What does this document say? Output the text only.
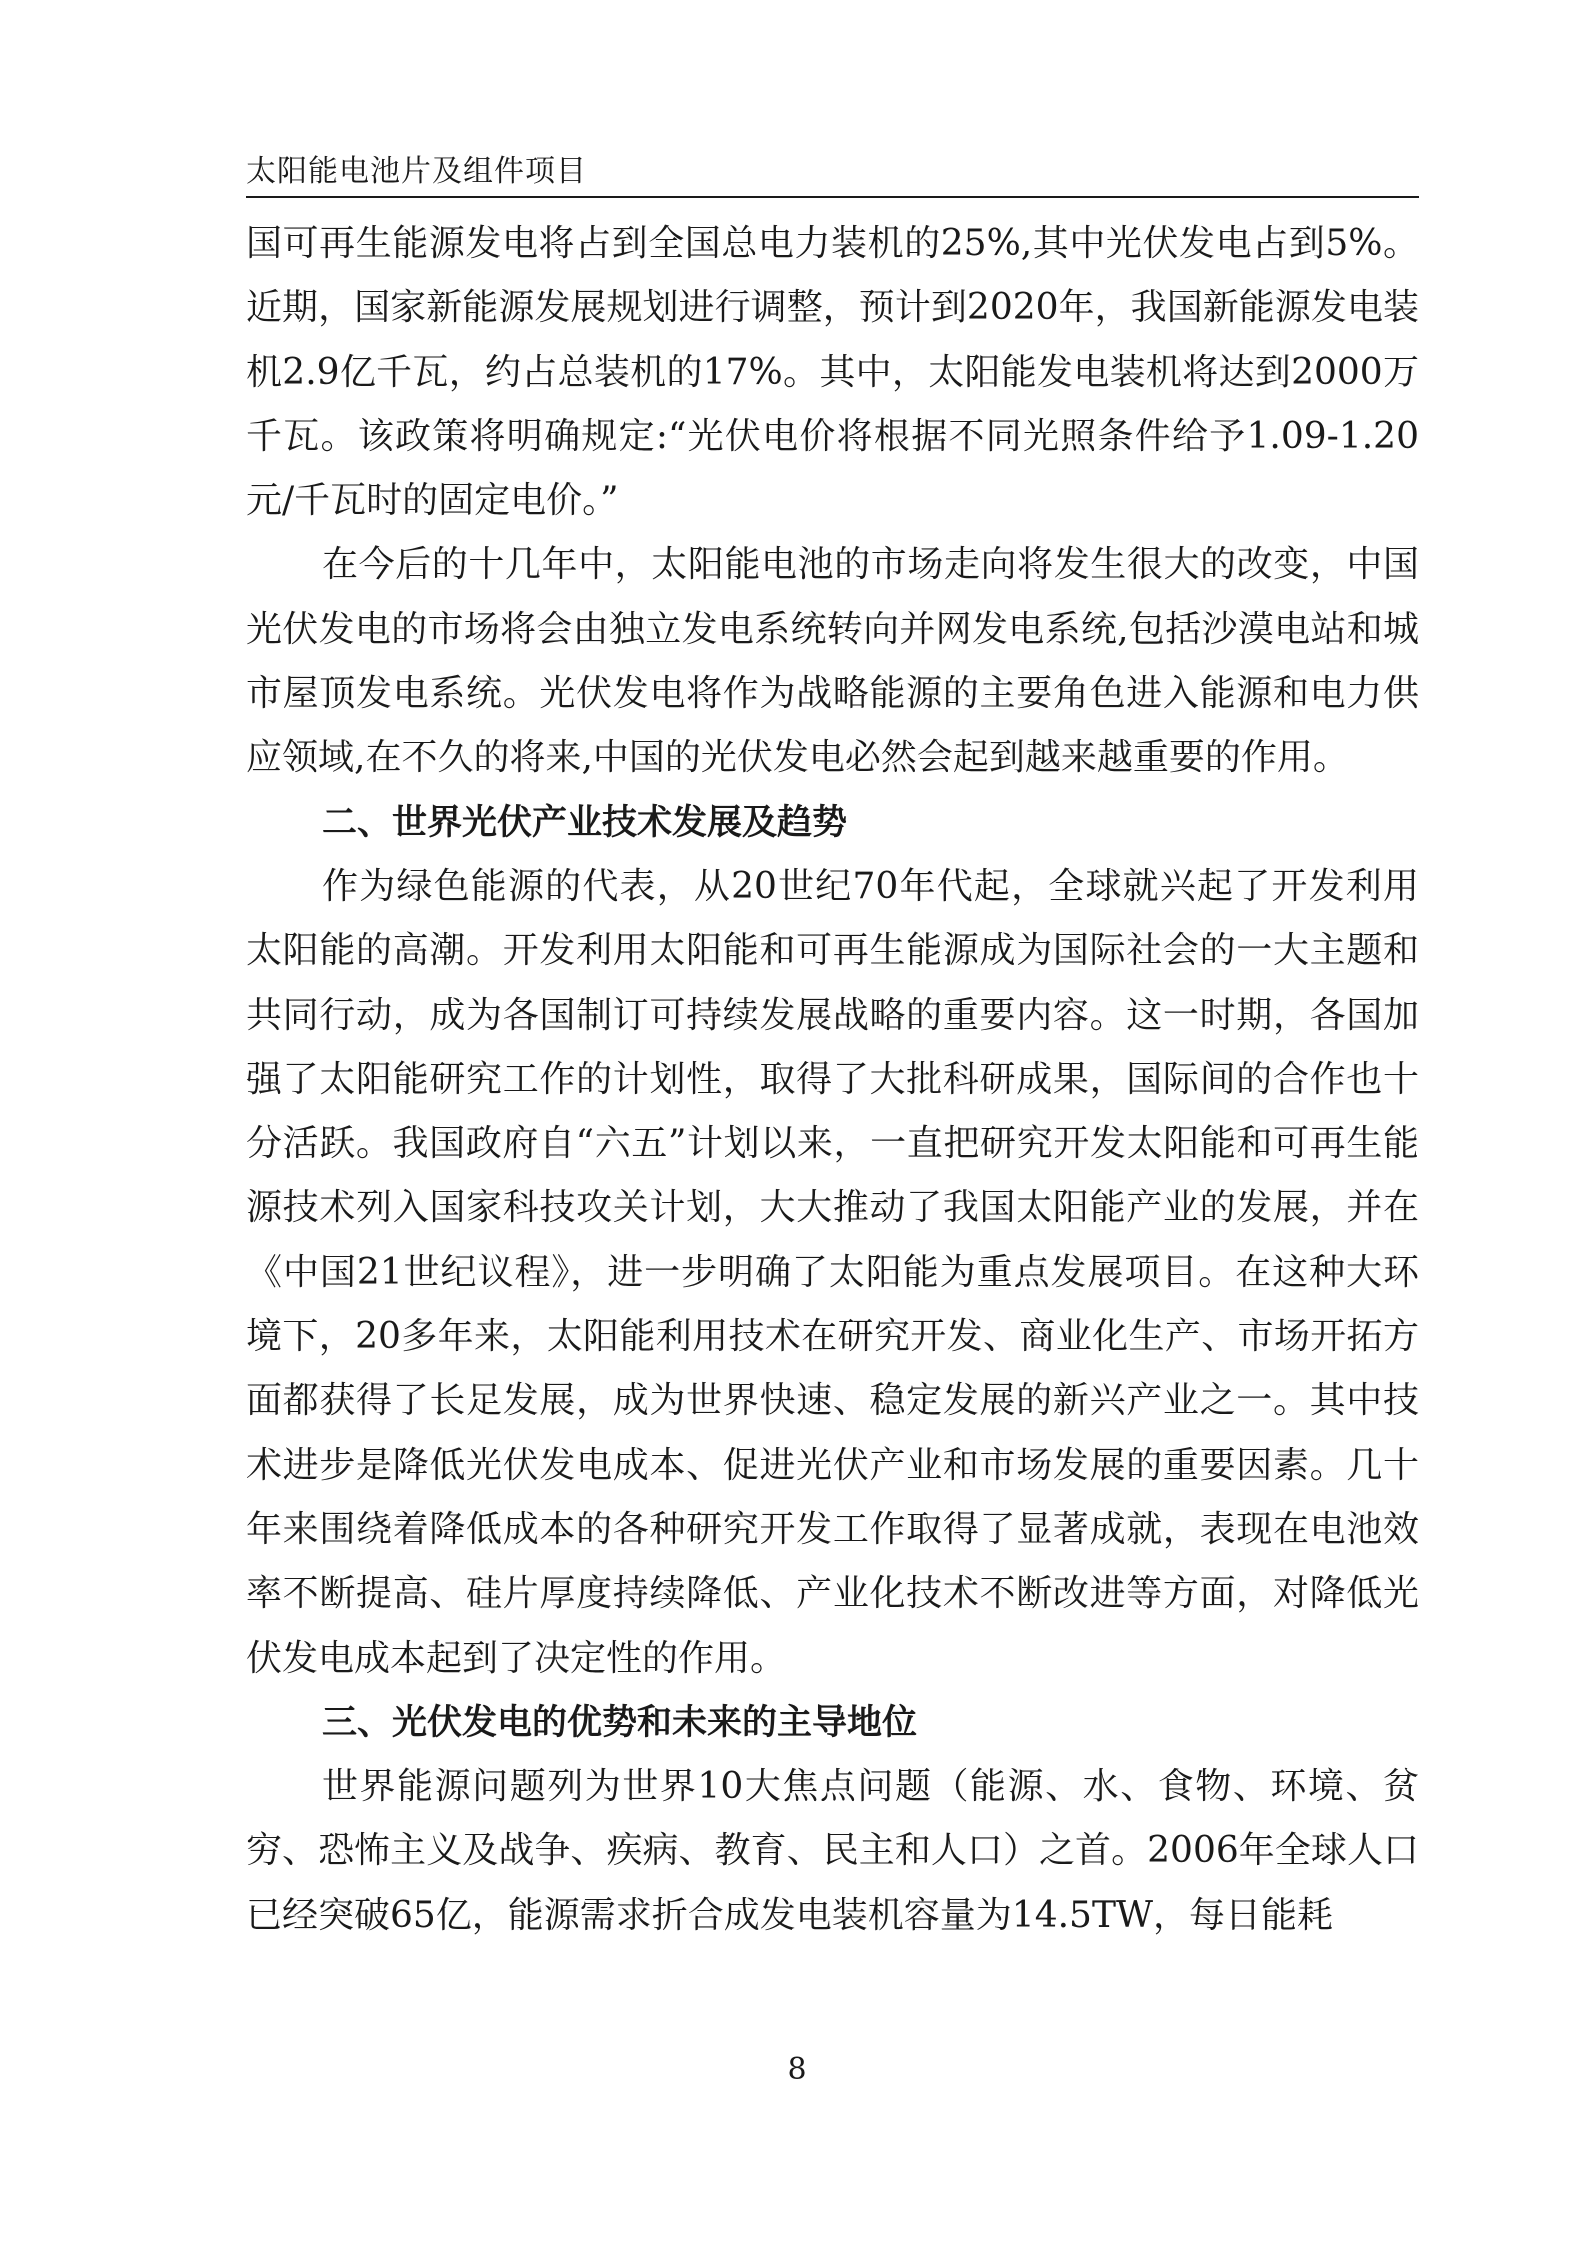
太阳能电池片及组件项目

国可再生能源发电将占到全国总电力装机的25%,其中光伏发电占到5%。近期，国家新能源发展规划进行调整，预计到2020年，我国新能源发电装机2.9亿千瓦，约占总装机的17%。其中，太阳能发电装机将达到2000万千瓦。该政策将明确规定:“光伏电价将根据不同光照条件给予1.09-1.20元/千瓦时的固定电价。”

在今后的十几年中，太阳能电池的市场走向将发生很大的改变，中国光伏发电的市场将会由独立发电系统转向并网发电系统,包括沙漠电站和城市屋顶发电系统。光伏发电将作为战略能源的主要角色进入能源和电力供应领域,在不久的将来,中国的光伏发电必然会起到越来越重要的作用。

二、世界光伏产业技术发展及趋势

作为绿色能源的代表，从20世纪70年代起，全球就兴起了开发利用太阳能的高潮。开发利用太阳能和可再生能源成为国际社会的一大主题和共同行动，成为各国制订可持续发展战略的重要内容。这一时期，各国加强了太阳能研究工作的计划性，取得了大批科研成果，国际间的合作也十分活跃。我国政府自“六五”计划以来，一直把研究开发太阳能和可再生能源技术列入国家科技攻关计划，大大推动了我国太阳能产业的发展，并在《中国21世纪议程》，进一步明确了太阳能为重点发展项目。在这种大环境下，20多年来，太阳能利用技术在研究开发、商业化生产、市场开拓方面都获得了长足发展，成为世界快速、稳定发展的新兴产业之一。其中技术进步是降低光伏发电成本、促进光伏产业和市场发展的重要因素。几十年来围绕着降低成本的各种研究开发工作取得了显著成就，表现在电池效率不断提高、硅片厚度持续降低、产业化技术不断改进等方面，对降低光伏发电成本起到了决定性的作用。

三、光伏发电的优势和未来的主导地位

世界能源问题列为世界10大焦点问题（能源、水、食物、环境、贫穷、恐怖主义及战争、疾病、教育、民主和人口）之首。2006年全球人口已经突破65亿，能源需求折合成发电装机容量为14.5TW，每日能耗

8
